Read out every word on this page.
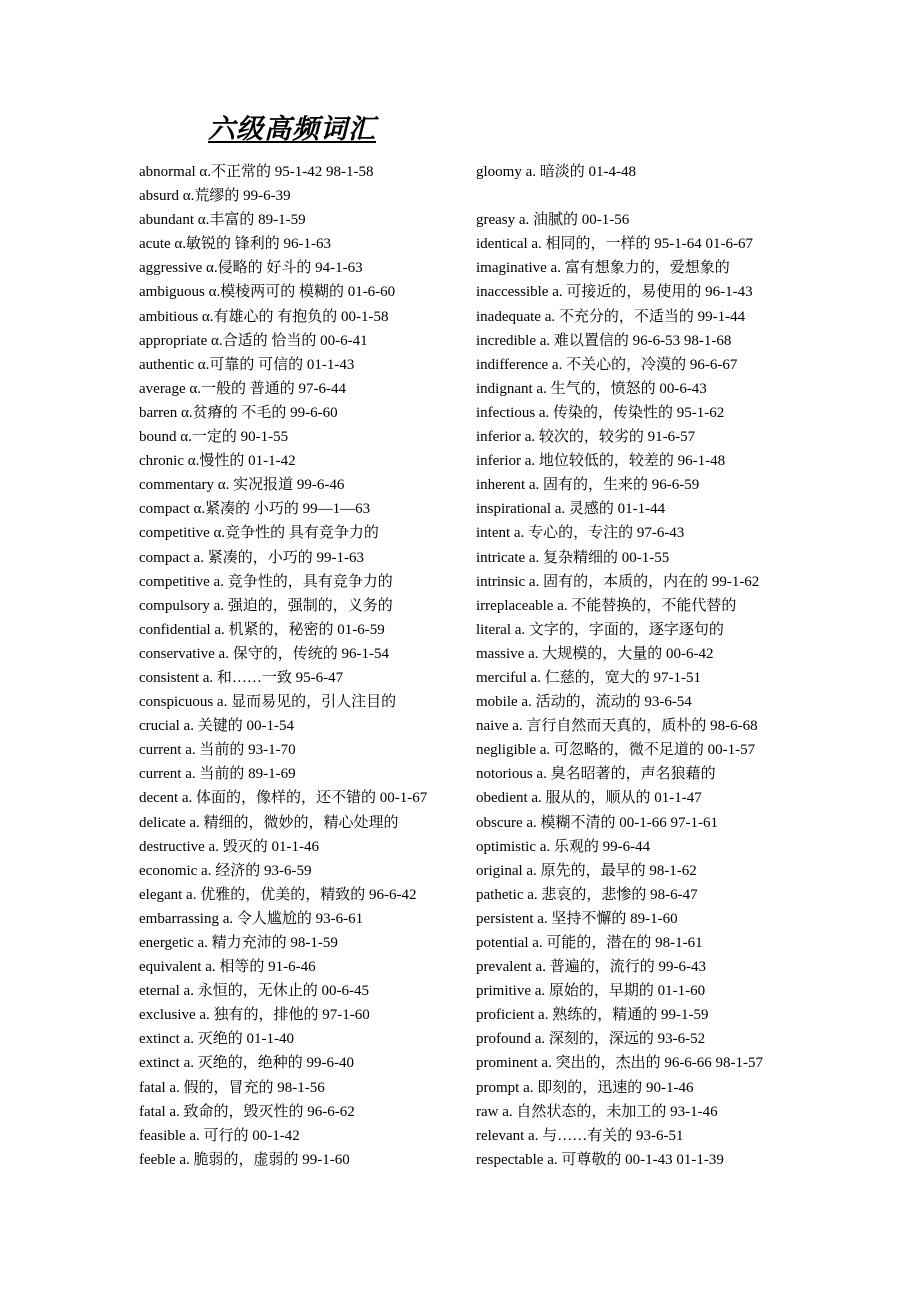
六级高频词汇
abnormal α.不正常的 95-1-42 98-1-58
absurd α.荒缪的 99-6-39
abundant α.丰富的 89-1-59
acute α.敏锐的 锋利的 96-1-63
aggressive α.侵略的 好斗的 94-1-63
ambiguous α.模棱两可的 模糊的 01-6-60
ambitious α.有雄心的 有抱负的 00-1-58
appropriate α.合适的 恰当的 00-6-41
authentic α.可靠的 可信的 01-1-43
average α.一般的 普通的 97-6-44
barren α.贫瘠的 不毛的 99-6-60
bound α.一定的 90-1-55
chronic α.慢性的 01-1-42
commentary α. 实况报道 99-6-46
compact α.紧凑的 小巧的 99—1—63
competitive α.竞争性的 具有竞争力的
compact a. 紧凑的，小巧的 99-1-63
competitive a. 竞争性的，具有竞争力的
compulsory a. 强迫的，强制的，义务的
confidential a. 机紧的，秘密的 01-6-59
conservative a. 保守的，传统的 96-1-54
consistent a. 和……一致 95-6-47
conspicuous a. 显而易见的，引人注目的
crucial a. 关键的 00-1-54
current a. 当前的 93-1-70
current a. 当前的 89-1-69
decent a. 体面的，像样的，还不错的 00-1-67
delicate a. 精细的，微妙的，精心处理的
destructive a. 毁灭的 01-1-46
economic a. 经济的 93-6-59
elegant a. 优雅的，优美的，精致的 96-6-42
embarrassing a. 令人尴尬的 93-6-61
energetic a. 精力充沛的 98-1-59
equivalent a. 相等的 91-6-46
eternal a. 永恒的，无休止的 00-6-45
exclusive a. 独有的，排他的 97-1-60
extinct a. 灭绝的 01-1-40
extinct a. 灭绝的，绝种的 99-6-40
fatal a. 假的，冒充的 98-1-56
fatal a. 致命的，毁灭性的 96-6-62
feasible a. 可行的 00-1-42
feeble a. 脆弱的，虚弱的 99-1-60
gloomy a. 暗淡的 01-4-48
greasy a. 油腻的 00-1-56
identical a. 相同的，一样的 95-1-64 01-6-67
imaginative a. 富有想象力的，爱想象的
inaccessible a. 可接近的，易使用的 96-1-43
inadequate a. 不充分的，不适当的 99-1-44
incredible a. 难以置信的 96-6-53 98-1-68
indifference a. 不关心的，冷漠的 96-6-67
indignant a. 生气的，愤怒的 00-6-43
infectious a. 传染的，传染性的 95-1-62
inferior a. 较次的，较劣的 91-6-57
inferior a. 地位较低的，较差的 96-1-48
inherent a. 固有的，生来的 96-6-59
inspirational a. 灵感的 01-1-44
intent a. 专心的，专注的 97-6-43
intricate a. 复杂精细的 00-1-55
intrinsic a. 固有的，本质的，内在的 99-1-62
irreplaceable a. 不能替换的，不能代替的
literal a. 文字的，字面的，逐字逐句的
massive a. 大规模的，大量的 00-6-42
merciful a. 仁慈的，宽大的 97-1-51
mobile a. 活动的，流动的 93-6-54
naive a. 言行自然而天真的，质朴的 98-6-68
negligible a. 可忽略的，微不足道的 00-1-57
notorious a. 臭名昭著的，声名狼藉的
obedient a. 服从的，顺从的 01-1-47
obscure a. 模糊不清的 00-1-66 97-1-61
optimistic a. 乐观的 99-6-44
original a. 原先的，最早的 98-1-62
pathetic a. 悲哀的，悲惨的 98-6-47
persistent a. 坚持不懈的 89-1-60
potential a. 可能的，潜在的 98-1-61
prevalent a. 普遍的，流行的 99-6-43
primitive a. 原始的，早期的 01-1-60
proficient a. 熟练的，精通的 99-1-59
profound a. 深刻的，深远的 93-6-52
prominent a. 突出的，杰出的 96-6-66 98-1-57
prompt a. 即刻的，迅速的 90-1-46
raw a. 自然状态的，未加工的 93-1-46
relevant a. 与……有关的 93-6-51
respectable a. 可尊敬的 00-1-43 01-1-39
